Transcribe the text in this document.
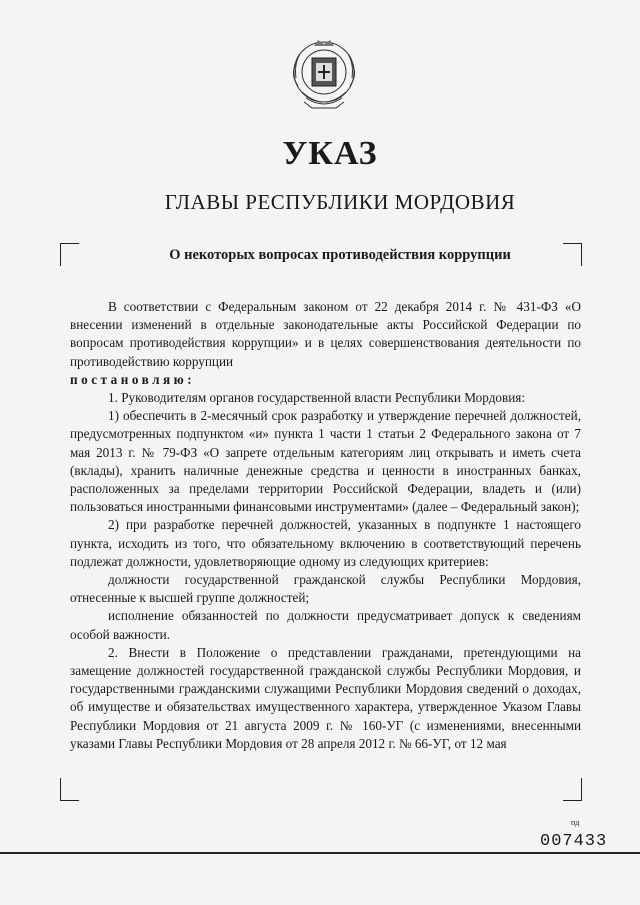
УКАЗ
ГЛАВЫ РЕСПУБЛИКИ МОРДОВИЯ
О некоторых вопросах противодействия коррупции

В соответствии с Федеральным законом от 22 декабря 2014 г. № 431-ФЗ «О внесении изменений в отдельные законодательные акты Российской Федерации по вопросам противодействия коррупции» и в целях совершенствования деятельности по противодействию коррупции

постановляю:

1. Руководителям органов государственной власти Республики Мордовия:

1) обеспечить в 2-месячный срок разработку и утверждение перечней должностей, предусмотренных подпунктом «и» пункта 1 части 1 статьи 2 Федерального закона от 7 мая 2013 г. № 79-ФЗ «О запрете отдельным категориям лиц открывать и иметь счета (вклады), хранить наличные денежные средства и ценности в иностранных банках, расположенных за пределами территории Российской Федерации, владеть и (или) пользоваться иностранными финансовыми инструментами» (далее – Федеральный закон);

2) при разработке перечней должностей, указанных в подпункте 1 настоящего пункта, исходить из того, что обязательному включению в соответствующий перечень подлежат должности, удовлетворяющие одному из следующих критериев:

должности государственной гражданской службы Республики Мордовия, отнесенные к высшей группе должностей;

исполнение обязанностей по должности предусматривает допуск к сведениям особой важности.

2. Внести в Положение о представлении гражданами, претендующими на замещение должностей государственной гражданской службы Республики Мордовия, и государственными гражданскими служащими Республики Мордовия сведений о доходах, об имуществе и обязательствах имущественного характера, утвержденное Указом Главы Республики Мордовия от 21 августа 2009 г. № 160-УГ (с изменениями, внесенными указами Главы Республики Мордовия от 28 апреля 2012 г. № 66-УГ, от 12 мая

пд
007433
